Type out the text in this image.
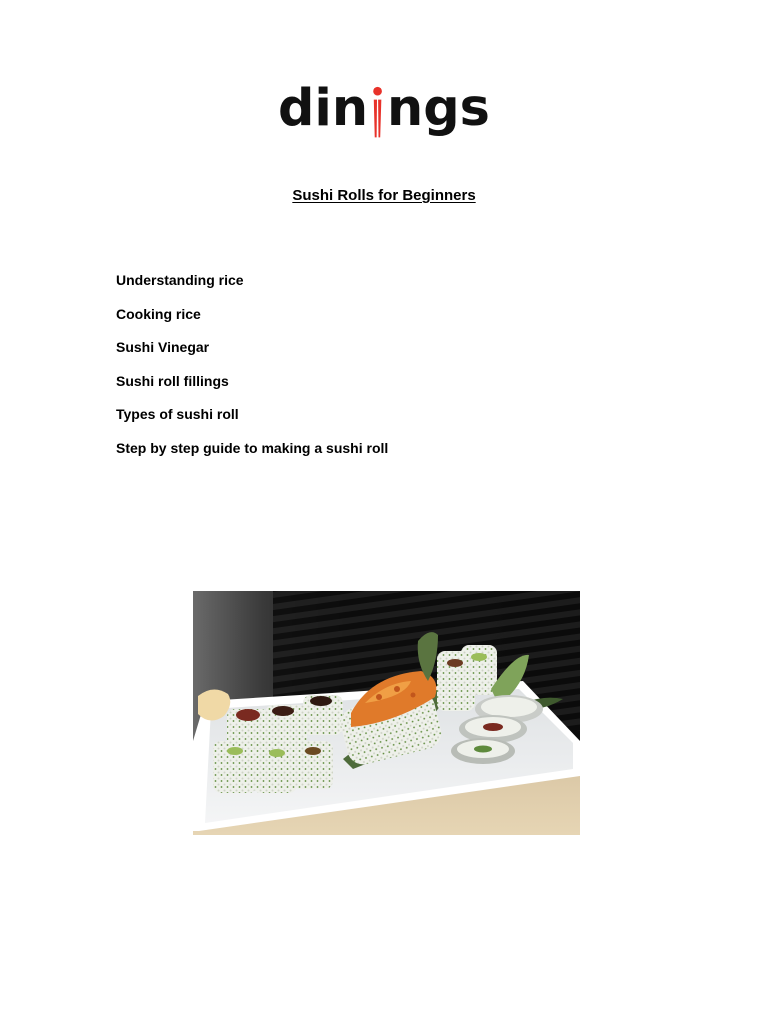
din ngs
Sushi Rolls for Beginners
Understanding rice
Cooking rice
Sushi Vinegar
Sushi roll fillings
Types of sushi roll
Step by step guide to making a sushi roll
